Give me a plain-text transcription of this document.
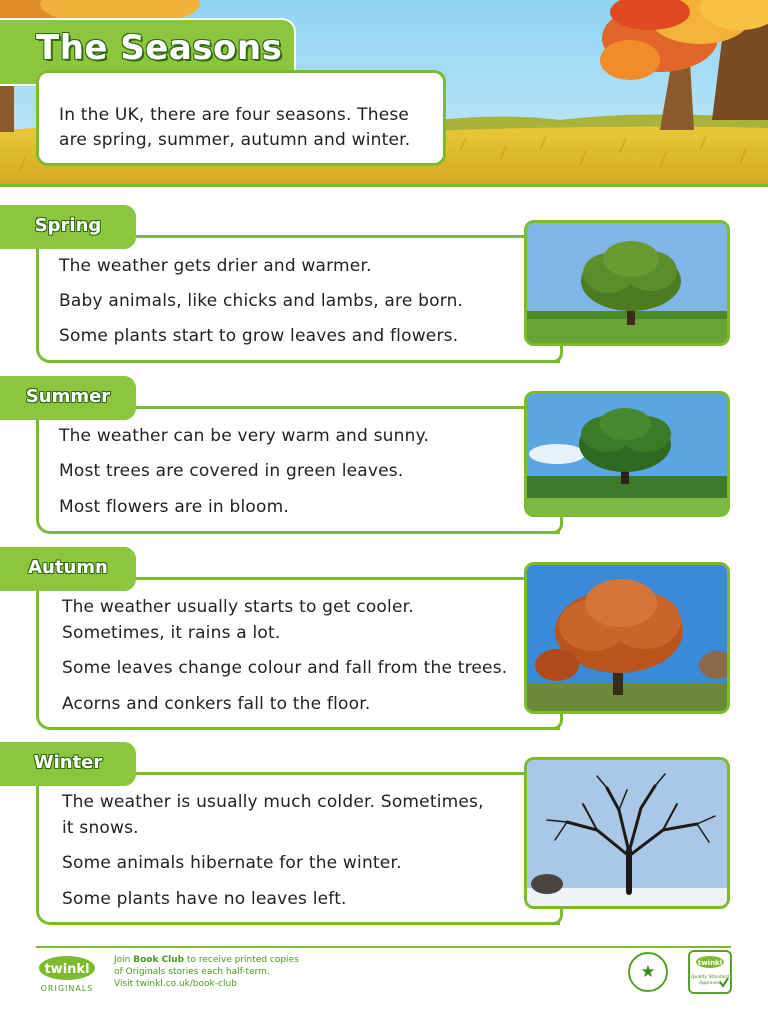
The Seasons
In the UK, there are four seasons. These
are spring, summer, autumn and winter.
The weather gets drier and warmer.
Baby animals, like chicks and lambs, are born.
Some plants start to grow leaves and flowers.
Spring
The weather can be very warm and sunny.
Most trees are covered in green leaves.
Most flowers are in bloom.
Summer
The weather usually starts to get cooler.
Sometimes, it rains a lot.
Some leaves change colour and fall from the trees.
Acorns and conkers fall to the floor.
Autumn
The weather is usually much colder. Sometimes,
it snows.
Some animals hibernate for the winter.
Some plants have no leaves left.
Winter
twinkl
ORIGINALS
Join Book Club to receive printed copies
of Originals stories each half-term.
Visit twinkl.co.uk/book-club
★	twinkl
Quality Standard
Approved
